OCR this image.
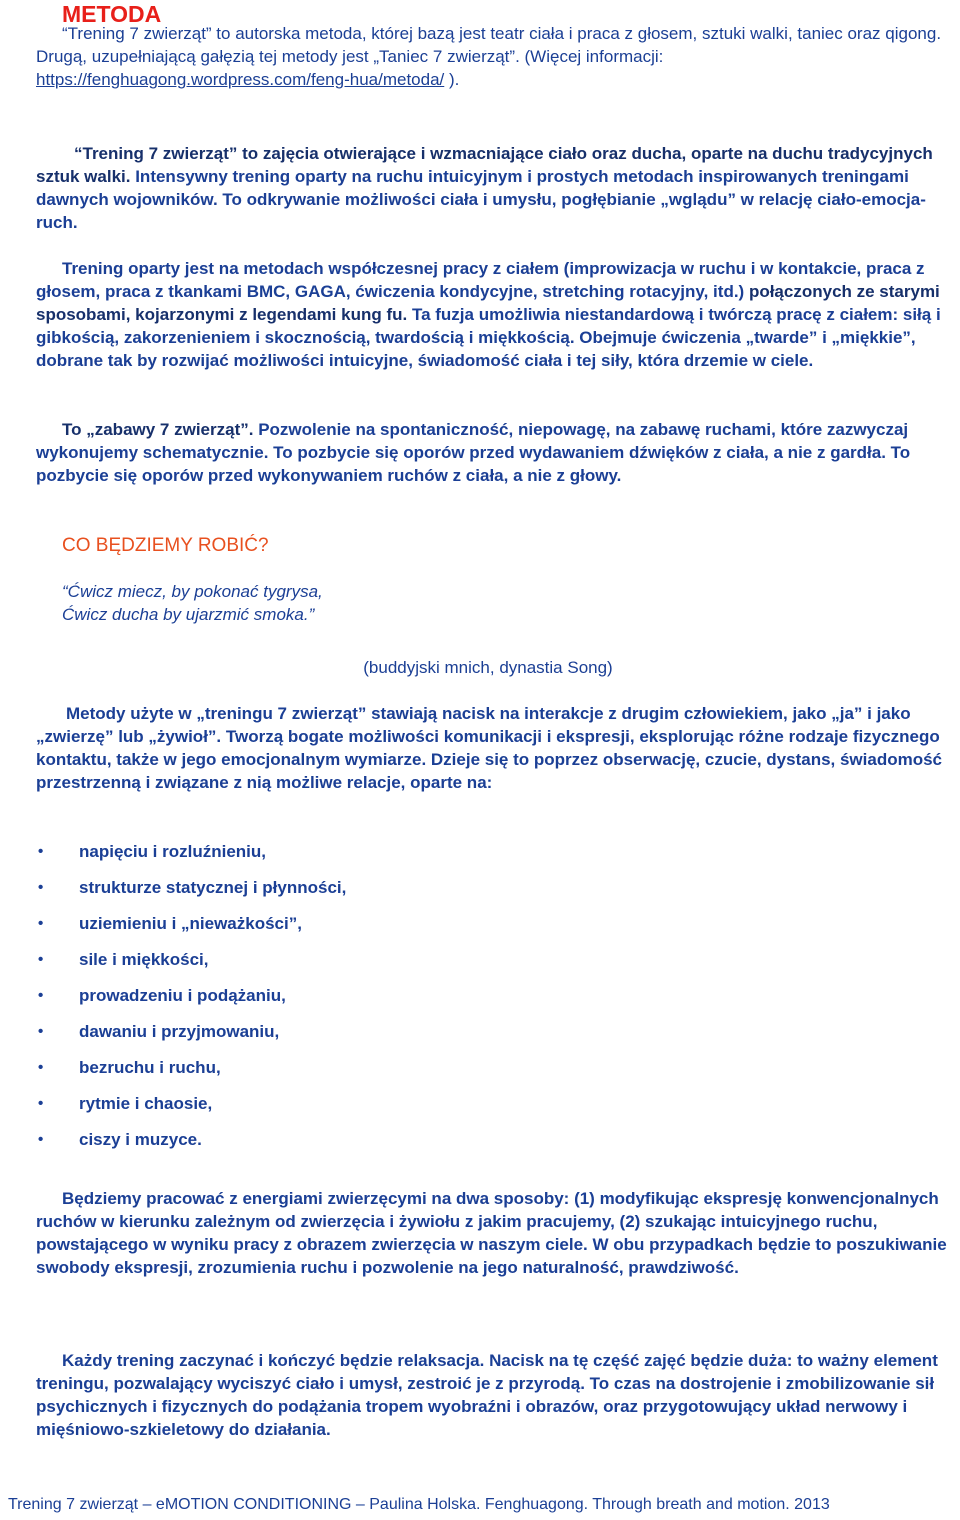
METODA

“Trening 7 zwierząt” to autorska metoda, której bazą jest teatr ciała i praca z głosem, sztuki walki, taniec oraz qigong. Drugą, uzupełniającą gałęzią tej metody jest „Taniec 7 zwierząt”. (Więcej informacji: https://fenghuagong.wordpress.com/feng-hua/metoda/ ).

“Trening 7 zwierząt” to zajęcia otwierające i wzmacniające ciało oraz ducha, oparte na duchu tradycyjnych sztuk walki. Intensywny trening oparty na ruchu intuicyjnym i prostych metodach inspirowanych treningami dawnych wojowników. To odkrywanie możliwości ciała i umysłu, pogłębianie „wglądu” w relację ciało-emocja-ruch.

Trening oparty jest na metodach współczesnej pracy z ciałem (improwizacja w ruchu i w kontakcie, praca z głosem, praca z tkankami BMC, GAGA, ćwiczenia kondycyjne, stretching rotacyjny, itd.) połączonych ze starymi sposobami, kojarzonymi z legendami kung fu. Ta fuzja umożliwia niestandardową i twórczą pracę z ciałem: siłą i gibkością, zakorzenieniem i skocznością, twardością i miękkością. Obejmuje ćwiczenia „twarde” i „miękkie”, dobrane tak by rozwijać możliwości intuicyjne, świadomość ciała i tej siły, która drzemie w ciele.

To „zabawy 7 zwierząt”. Pozwolenie na spontaniczność, niepowagę, na zabawę ruchami, które zazwyczaj wykonujemy schematycznie. To pozbycie się oporów przed wydawaniem dźwięków z ciała, a nie z gardła. To pozbycie się oporów przed wykonywaniem ruchów z ciała, a nie z głowy.

CO BĘDZIEMY ROBIĆ?
“Ćwicz miecz, by pokonać tygrysa,
Ćwicz ducha by ujarzmić smoka.”
(buddyjski mnich, dynastia Song)

Metody użyte w „treningu 7 zwierząt” stawiają nacisk na interakcje z drugim człowiekiem, jako „ja” i jako „zwierzę” lub „żywioł”. Tworzą bogate możliwości komunikacji i ekspresji, eksplorując różne rodzaje fizycznego kontaktu, także w jego emocjonalnym wymiarze. Dzieje się to poprzez obserwację, czucie, dystans, świadomość przestrzenną i związane z nią możliwe relacje, oparte na:

• napięciu i rozluźnieniu,
• strukturze statycznej i płynności,
• uziemieniu i „nieważkości”,
• sile i miękkości,
• prowadzeniu i podążaniu,
• dawaniu i przyjmowaniu,
• bezruchu i ruchu,
• rytmie i chaosie,
• ciszy i muzyce.

Będziemy pracować z energiami zwierzęcymi na dwa sposoby: (1) modyfikując ekspresję konwencjonalnych ruchów w kierunku zależnym od zwierzęcia i żywiołu z jakim pracujemy, (2) szukając intuicyjnego ruchu, powstającego w wyniku pracy z obrazem zwierzęcia w naszym ciele. W obu przypadkach będzie to poszukiwanie swobody ekspresji, zrozumienia ruchu i pozwolenie na jego naturalność, prawdziwość.

Każdy trening zaczynać i kończyć będzie relaksacja. Nacisk na tę część zajęć będzie duża: to ważny element treningu, pozwalający wyciszyć ciało i umysł, zestroić je z przyrodą. To czas na dostrojenie i zmobilizowanie sił psychicznych i fizycznych do podążania tropem wyobraźni i obrazów, oraz przygotowujący układ nerwowy i mięśniowo-szkieletowy do działania.

Trening 7 zwierząt – eMOTION CONDITIONING – Paulina Holska. Fenghuagong. Through breath and motion. 2013
